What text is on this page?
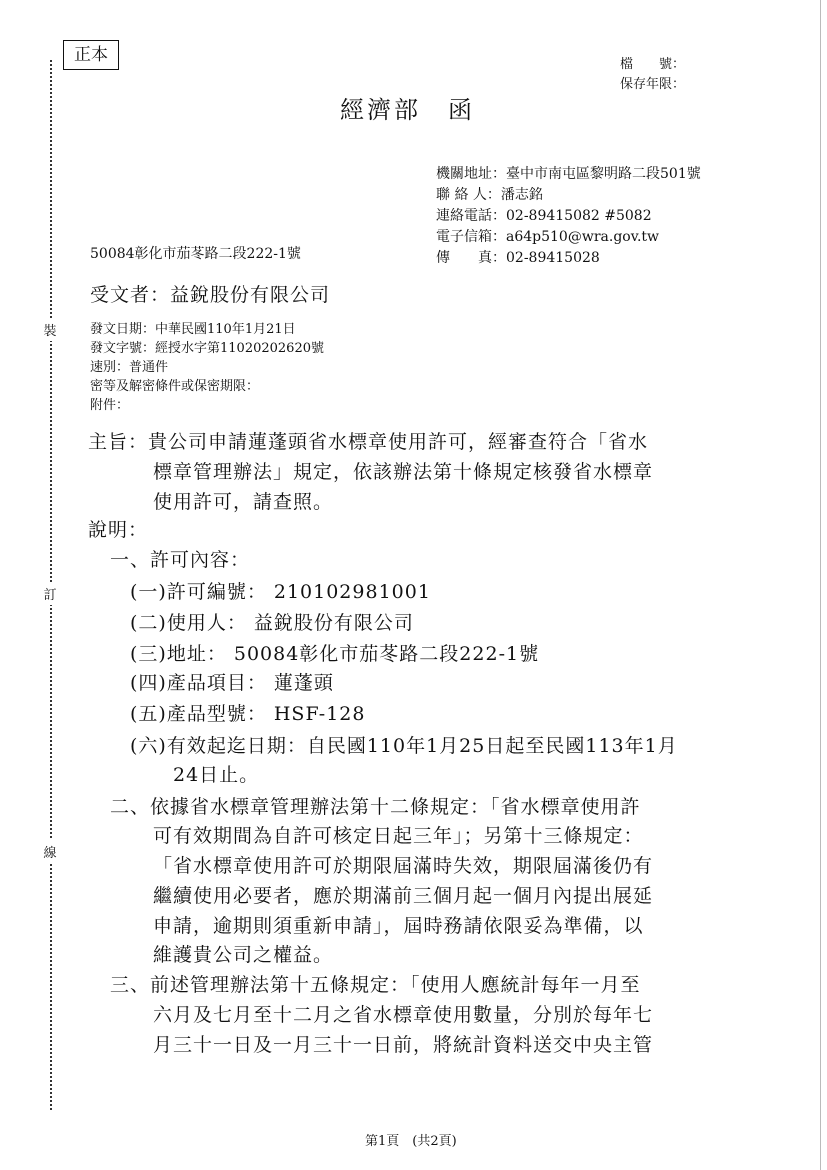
裝
訂
線
正本	檔　　號：
保存年限：
經濟部　函
機關地址：臺中市南屯區黎明路二段501號
聯 絡 人：潘志銘
連絡電話：02-89415082 #5082
電子信箱：a64p510@wra.gov.tw
傳　　真：02-89415028
50084彰化市茄苳路二段222-1號
受文者：益銳股份有限公司
發文日期：中華民國110年1月21日
發文字號：經授水字第11020202620號
速別：普通件
密等及解密條件或保密期限：
附件：
主旨：貴公司申請蓮蓬頭省水標章使用許可，經審查符合「省水
標章管理辦法」規定，依該辦法第十條規定核發省水標章
使用許可，請查照。
說明：
一、許可內容：
(一)許可編號： 210102981001
(二)使用人： 益銳股份有限公司
(三)地址： 50084彰化市茄苳路二段222-1號
(四)產品項目： 蓮蓬頭
(五)產品型號： HSF-128
(六)有效起迄日期：自民國110年1月25日起至民國113年1月
24日止。
二、依據省水標章管理辦法第十二條規定：「省水標章使用許
可有效期間為自許可核定日起三年」；另第十三條規定：
「省水標章使用許可於期限屆滿時失效，期限屆滿後仍有
繼續使用必要者，應於期滿前三個月起一個月內提出展延
申請，逾期則須重新申請」，屆時務請依限妥為準備，以
維護貴公司之權益。
三、前述管理辦法第十五條規定：「使用人應統計每年一月至
六月及七月至十二月之省水標章使用數量，分別於每年七
月三十一日及一月三十一日前，將統計資料送交中央主管
第1頁　(共2頁)
